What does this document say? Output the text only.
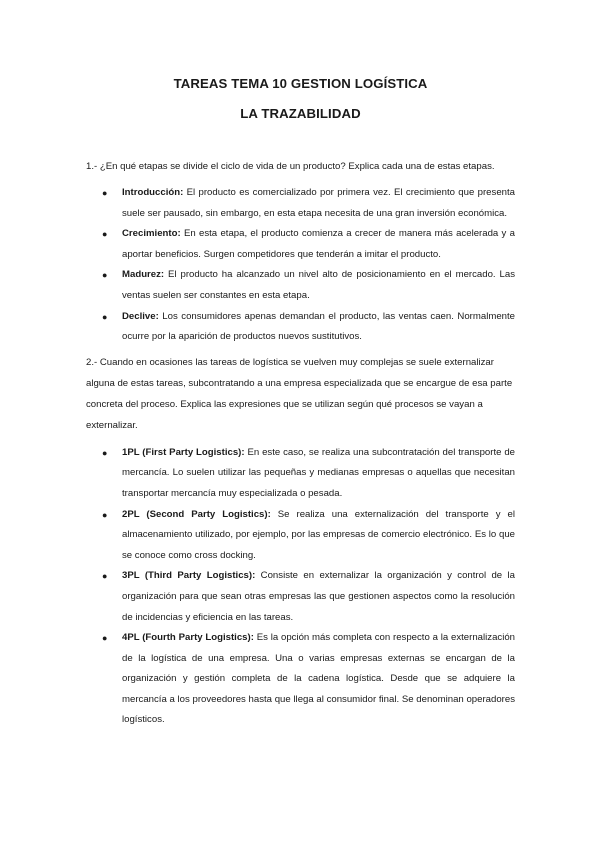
TAREAS TEMA 10 GESTION LOGÍSTICA
LA TRAZABILIDAD

1.- ¿En qué etapas se divide el ciclo de vida de un producto? Explica cada una de estas etapas.

● Introducción: El producto es comercializado por primera vez. El crecimiento que presenta suele ser pausado, sin embargo, en esta etapa necesita de una gran inversión económica.
● Crecimiento: En esta etapa, el producto comienza a crecer de manera más acelerada y a aportar beneficios. Surgen competidores que tenderán a imitar el producto.
● Madurez: El producto ha alcanzado un nivel alto de posicionamiento en el mercado. Las ventas suelen ser constantes en esta etapa.
● Declive: Los consumidores apenas demandan el producto, las ventas caen. Normalmente ocurre por la aparición de productos nuevos sustitutivos.

2.- Cuando en ocasiones las tareas de logística se vuelven muy complejas se suele externalizar alguna de estas tareas, subcontratando a una empresa especializada que se encargue de esa parte concreta del proceso. Explica las expresiones que se utilizan según qué procesos se vayan a externalizar.

● 1PL (First Party Logistics): En este caso, se realiza una subcontratación del transporte de mercancía. Lo suelen utilizar las pequeñas y medianas empresas o aquellas que necesitan transportar mercancía muy especializada o pesada.
● 2PL (Second Party Logistics): Se realiza una externalización del transporte y el almacenamiento utilizado, por ejemplo, por las empresas de comercio electrónico. Es lo que se conoce como cross docking.
● 3PL (Third Party Logistics): Consiste en externalizar la organización y control de la organización para que sean otras empresas las que gestionen aspectos como la resolución de incidencias y eficiencia en las tareas.
● 4PL (Fourth Party Logistics): Es la opción más completa con respecto a la externalización de la logística de una empresa. Una o varias empresas externas se encargan de la organización y gestión completa de la cadena logística. Desde que se adquiere la mercancía a los proveedores hasta que llega al consumidor final. Se denominan operadores logísticos.
